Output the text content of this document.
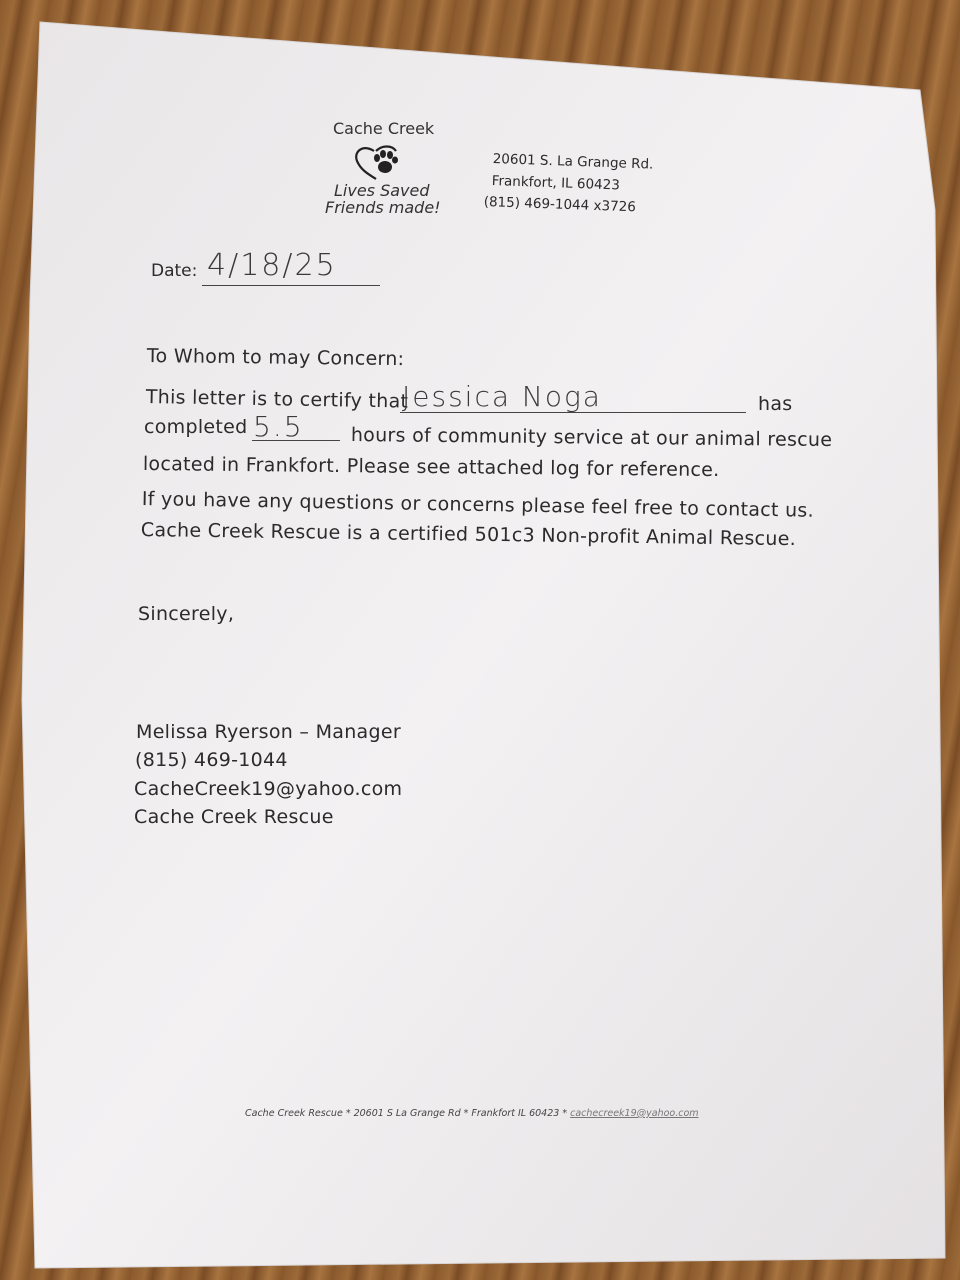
Cache Creek
Lives Saved
Friends made!
20601 S. La Grange Rd.
Frankfort, IL 60423
(815) 469-1044 x3726
Date: 4/18/25
To Whom to may Concern:
This letter is to certify that
Jessica Noga	has
completed 5.5 hours of community service at our animal rescue
located in Frankfort. Please see attached log for reference.
If you have any questions or concerns please feel free to contact us.
Cache Creek Rescue is a certified 501c3 Non-profit Animal Rescue.
Sincerely,
Melissa Ryerson – Manager
(815) 469-1044
CacheCreek19@yahoo.com
Cache Creek Rescue
Cache Creek Rescue * 20601 S La Grange Rd * Frankfort IL 60423 * cachecreek19@yahoo.com
